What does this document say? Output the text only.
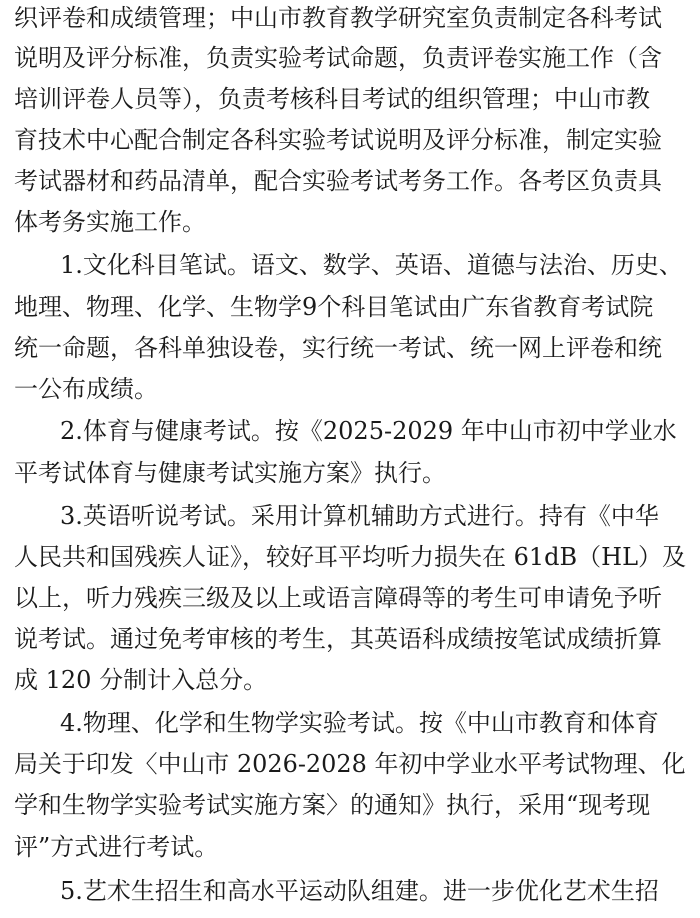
织评卷和成绩管理；中山市教育教学研究室负责制定各科考试
说明及评分标准，负责实验考试命题，负责评卷实施工作（含
培训评卷人员等），负责考核科目考试的组织管理；中山市教
育技术中心配合制定各科实验考试说明及评分标准，制定实验
考试器材和药品清单，配合实验考试考务工作。各考区负责具
体考务实施工作。
1.文化科目笔试。语文、数学、英语、道德与法治、历史、
地理、物理、化学、生物学9个科目笔试由广东省教育考试院
统一命题，各科单独设卷，实行统一考试、统一网上评卷和统
一公布成绩。
2.体育与健康考试。按《2025-2029 年中山市初中学业水
平考试体育与健康考试实施方案》执行。
3.英语听说考试。采用计算机辅助方式进行。持有《中华
人民共和国残疾人证》，较好耳平均听力损失在 61dB（HL）及
以上，听力残疾三级及以上或语言障碍等的考生可申请免予听
说考试。通过免考审核的考生，其英语科成绩按笔试成绩折算
成 120 分制计入总分。
4.物理、化学和生物学实验考试。按《中山市教育和体育
局关于印发〈中山市 2026-2028 年初中学业水平考试物理、化
学和生物学实验考试实施方案〉的通知》执行，采用“现考现
评”方式进行考试。
5.艺术生招生和高水平运动队组建。进一步优化艺术生招
